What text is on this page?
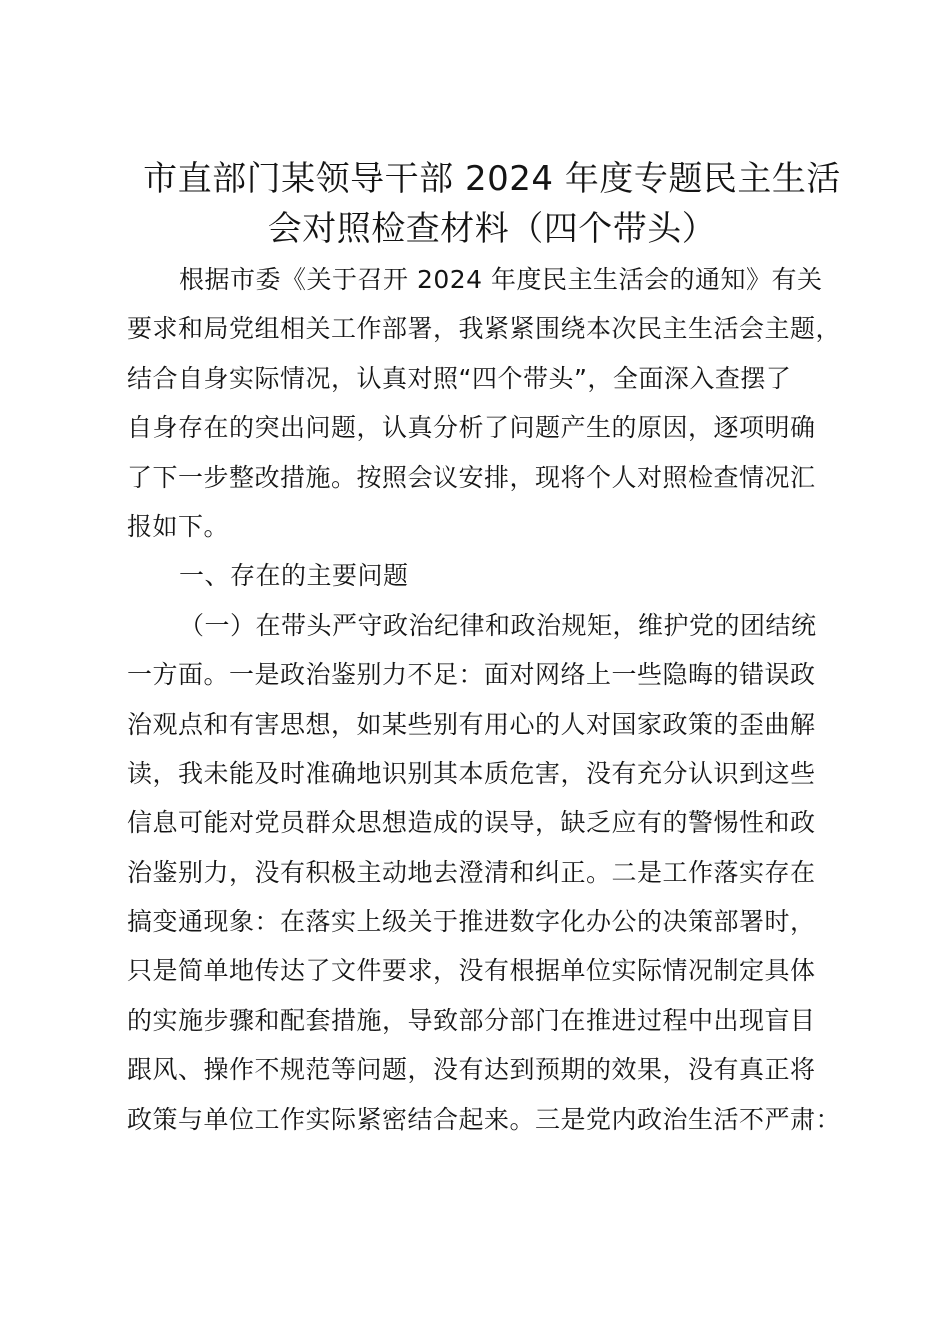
市直部门某领导干部 2024 年度专题民主生活
会对照检查材料（四个带头）
根据市委《关于召开 2024 年度民主生活会的通知》有关
要求和局党组相关工作部署，我紧紧围绕本次民主生活会主题，
结合自身实际情况，认真对照“四个带头”，全面深入查摆了
自身存在的突出问题，认真分析了问题产生的原因，逐项明确
了下一步整改措施。按照会议安排，现将个人对照检查情况汇
报如下。
一、存在的主要问题
（一）在带头严守政治纪律和政治规矩，维护党的团结统
一方面。一是政治鉴别力不足：面对网络上一些隐晦的错误政
治观点和有害思想，如某些别有用心的人对国家政策的歪曲解
读，我未能及时准确地识别其本质危害，没有充分认识到这些
信息可能对党员群众思想造成的误导，缺乏应有的警惕性和政
治鉴别力，没有积极主动地去澄清和纠正。二是工作落实存在
搞变通现象：在落实上级关于推进数字化办公的决策部署时，
只是简单地传达了文件要求，没有根据单位实际情况制定具体
的实施步骤和配套措施，导致部分部门在推进过程中出现盲目
跟风、操作不规范等问题，没有达到预期的效果，没有真正将
政策与单位工作实际紧密结合起来。三是党内政治生活不严肃：
